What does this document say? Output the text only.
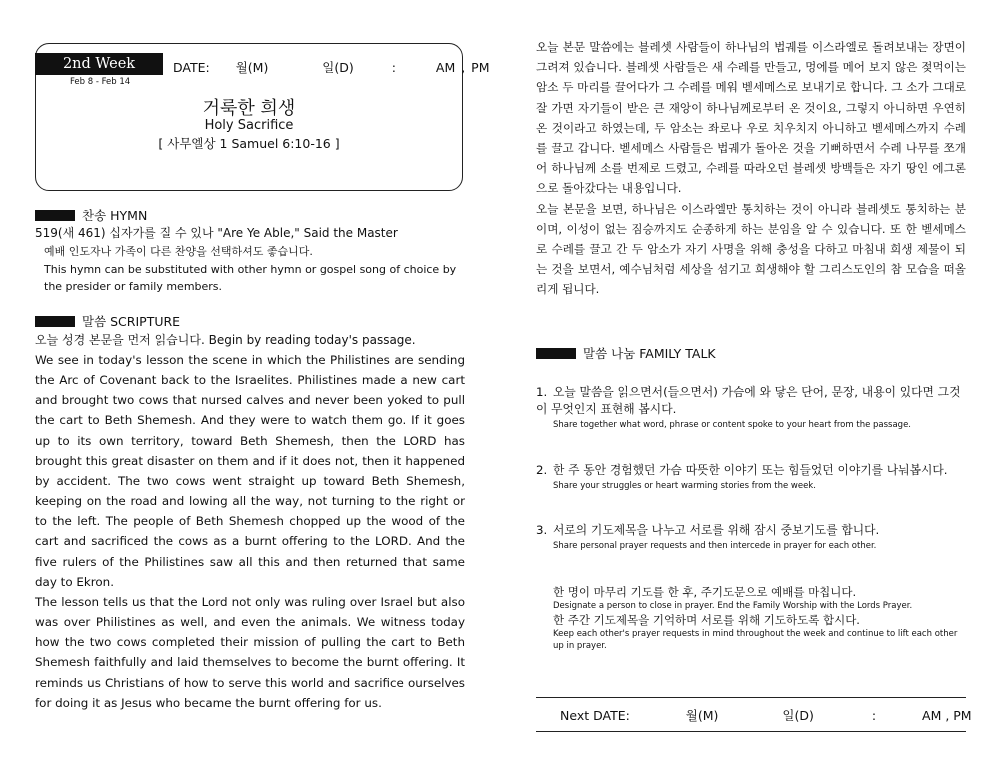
2nd Week
Feb 8 - Feb 14
DATE: 월(M)	일(D)	:	AM , PM
거룩한 희생
Holy Sacrifice
[ 사무엘상 1 Samuel 6:10-16 ]
찬송 HYMN
519(새 461) 십자가를 질 수 있나 "Are Ye Able," Said the Master
예배 인도자나 가족이 다른 찬양을 선택하셔도 좋습니다.
This hymn can be substituted with other hymn or gospel song of choice by
the presider or family members.
말씀 SCRIPTURE
오늘 성경 본문을 먼저 읽습니다. Begin by reading today's passage.
We see in today's lesson the scene in which the Philistines are sending the Arc of Covenant back to the Israelites. Philistines made a new cart and brought two cows that nursed calves and never been yoked to pull the cart to Beth Shemesh. And they were to watch them go. If it goes up to its own territory, toward Beth Shemesh, then the LORD has brought this great disaster on them and if it does not, then it happened by accident. The two cows went straight up toward Beth Shemesh, keeping on the road and lowing all the way, not turning to the right or to the left. The people of Beth Shemesh chopped up the wood of the cart and sacrificed the cows as a burnt offering to the LORD. And the five rulers of the Philistines saw all this and then returned that same day to Ekron.
The lesson tells us that the Lord not only was ruling over Israel but also was over Philistines as well, and even the animals. We witness today how the two cows completed their mission of pulling the cart to Beth Shemesh faithfully and laid themselves to become the burnt offering. It reminds us Christians of how to serve this world and sacrifice ourselves for doing it as Jesus who became the burnt offering for us.
오늘 본문 말씀에는 블레셋 사람들이 하나님의 법궤를 이스라엘로 돌려보내는 장면이 그려져 있습니다. 블레셋 사람들은 새 수레를 만들고, 멍에를 메어 보지 않은 젖먹이는 암소 두 마리를 끌어다가 그 수레를 메워 벧세메스로 보내기로 합니다. 그 소가 그대로 잘 가면 자기들이 받은 큰 재앙이 하나님께로부터 온 것이요, 그렇지 아니하면 우연히 온 것이라고 하였는데, 두 암소는 좌로나 우로 치우치지 아니하고 벧세메스까지 수레를 끌고 갑니다. 벧세메스 사람들은 법궤가 돌아온 것을 기뻐하면서 수레 나무를 쪼개어 하나님께 소를 번제로 드렸고, 수레를 따라오던 블레셋 방백들은 자기 땅인 에그론으로 돌아갔다는 내용입니다.
오늘 본문을 보면, 하나님은 이스라엘만 통치하는 것이 아니라 블레셋도 통치하는 분이며, 이성이 없는 짐승까지도 순종하게 하는 분임을 알 수 있습니다. 또 한 벧세메스로 수레를 끌고 간 두 암소가 자기 사명을 위해 충성을 다하고 마침내 희생 제물이 되는 것을 보면서, 예수님처럼 세상을 섬기고 희생해야 할 그리스도인의 참 모습을 떠올리게 됩니다.
말씀 나눔 FAMILY TALK
1. 오늘 말씀을 읽으면서(들으면서) 가슴에 와 닿은 단어, 문장, 내용이 있다면 그것이 무엇인지 표현해 봅시다.
Share together what word, phrase or content spoke to your heart from the passage.
2. 한 주 동안 경험했던 가슴 따뜻한 이야기 또는 힘들었던 이야기를 나눠봅시다.
Share your struggles or heart warming stories from the week.
3. 서로의 기도제목을 나누고 서로를 위해 잠시 중보기도를 합니다.
Share personal prayer requests and then intercede in prayer for each other.
한 명이 마무리 기도를 한 후, 주기도문으로 예배를 마칩니다.
Designate a person to close in prayer. End the Family Worship with the Lords Prayer.
한 주간 기도제목을 기억하며 서로를 위해 기도하도록 합시다.
Keep each other's prayer requests in mind throughout the week and continue to lift each other up in prayer.
Next DATE:	월(M)	일(D)	:	AM , PM
